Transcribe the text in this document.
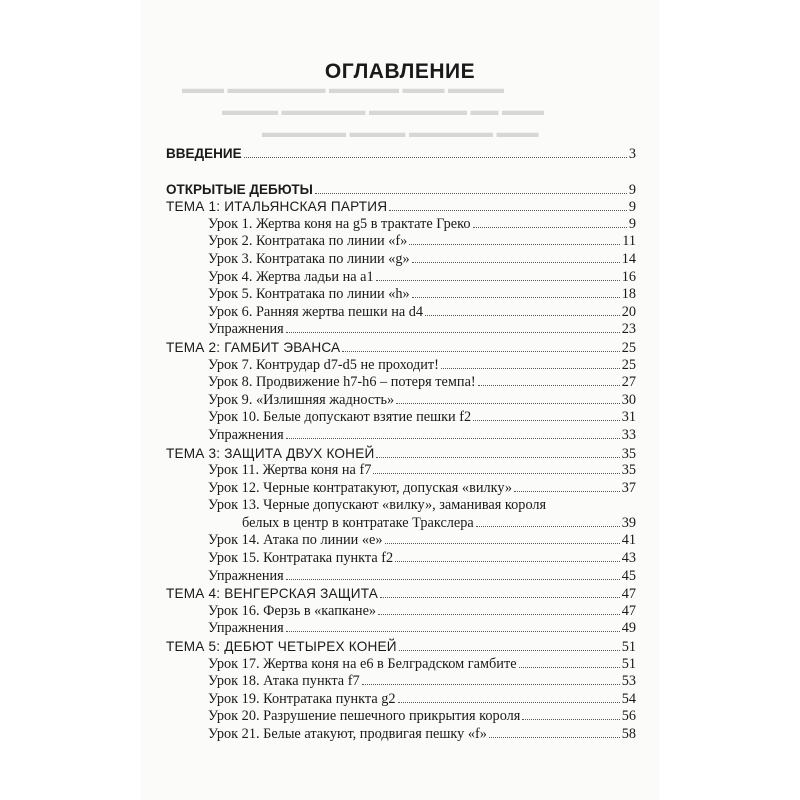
▬▬▬ ▬▬▬▬▬▬▬ ▬▬▬▬▬ ▬▬▬ ▬▬▬▬
▬▬▬▬ ▬▬▬▬▬▬ ▬▬▬▬▬▬▬ ▬▬ ▬▬▬
▬▬▬▬▬▬ ▬▬▬▬ ▬▬▬▬▬▬ ▬▬▬
ОГЛАВЛЕНИЕ
ВВЕДЕНИЕ	3
ОТКРЫТЫЕ ДЕБЮТЫ	9
ТЕМА 1: ИТАЛЬЯНСКАЯ ПАРТИЯ	9
Урок 1. Жертва коня на g5 в трактате Греко	9
Урок 2. Контратака по линии «f»	11
Урок 3. Контратака по линии «g»	14
Урок 4. Жертва ладьи на a1	16
Урок 5. Контратака по линии «h»	18
Урок 6. Ранняя жертва пешки на d4	20
Упражнения	23
ТЕМА 2: ГАМБИТ ЭВАНСА	25
Урок 7. Контрудар d7-d5 не проходит!	25
Урок 8. Продвижение h7-h6 – потеря темпа!	27
Урок 9. «Излишняя жадность»	30
Урок 10. Белые допускают взятие пешки f2	31
Упражнения	33
ТЕМА 3: ЗАЩИТА ДВУХ КОНЕЙ	35
Урок 11. Жертва коня на f7	35
Урок 12. Черные контратакуют, допуская «вилку»	37
Урок 13. Черные допускают «вилку», заманивая короля
белых в центр в контратаке Тракслера	39
Урок 14. Атака по линии «e»	41
Урок 15. Контратака пункта f2	43
Упражнения	45
ТЕМА 4: ВЕНГЕРСКАЯ ЗАЩИТА	47
Урок 16. Ферзь в «капкане»	47
Упражнения	49
ТЕМА 5: ДЕБЮТ ЧЕТЫРЕХ КОНЕЙ	51
Урок 17. Жертва коня на e6 в Белградском гамбите	51
Урок 18. Атака пункта f7	53
Урок 19. Контратака пункта g2	54
Урок 20. Разрушение пешечного прикрытия короля	56
Урок 21. Белые атакуют, продвигая пешку «f»	58
